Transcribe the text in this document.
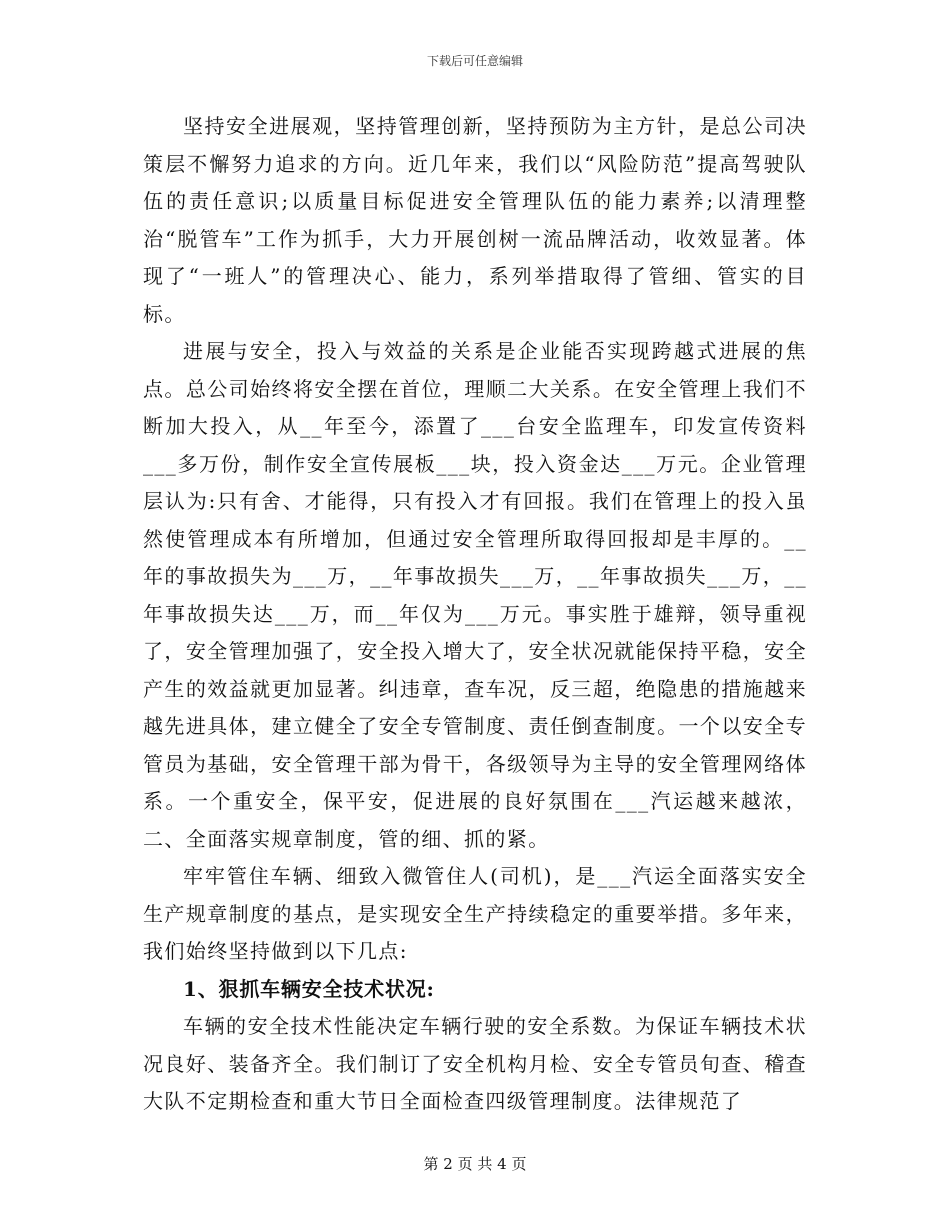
下载后可任意编辑

坚持安全进展观，坚持管理创新，坚持预防为主方针，是总公司决策层不懈努力追求的方向。近几年来，我们以“风险防范”提高驾驶队伍的责任意识;以质量目标促进安全管理队伍的能力素养;以清理整治“脱管车”工作为抓手，大力开展创树一流品牌活动，收效显著。体现了“一班人”的管理决心、能力，系列举措取得了管细、管实的目标。

进展与安全，投入与效益的关系是企业能否实现跨越式进展的焦点。总公司始终将安全摆在首位，理顺二大关系。在安全管理上我们不断加大投入，从__年至今，添置了___台安全监理车，印发宣传资料___多万份，制作安全宣传展板___块，投入资金达___万元。企业管理层认为:只有舍、才能得，只有投入才有回报。我们在管理上的投入虽然使管理成本有所增加，但通过安全管理所取得回报却是丰厚的。__年的事故损失为___万，__年事故损失___万，__年事故损失___万，__年事故损失达___万，而__年仅为___万元。事实胜于雄辩，领导重视了，安全管理加强了，安全投入增大了，安全状况就能保持平稳，安全产生的效益就更加显著。纠违章，查车况，反三超，绝隐患的措施越来越先进具体，建立健全了安全专管制度、责任倒查制度。一个以安全专管员为基础，安全管理干部为骨干，各级领导为主导的安全管理网络体系。一个重安全，保平安，促进展的良好氛围在___汽运越来越浓，二、全面落实规章制度，管的细、抓的紧。

牢牢管住车辆、细致入微管住人(司机)，是___汽运全面落实安全生产规章制度的基点，是实现安全生产持续稳定的重要举措。多年来，我们始终坚持做到以下几点:

1、狠抓车辆安全技术状况:

车辆的安全技术性能决定车辆行驶的安全系数。为保证车辆技术状况良好、装备齐全。我们制订了安全机构月检、安全专管员旬查、稽查大队不定期检查和重大节日全面检查四级管理制度。法律规范了

第 2 页 共 4 页
